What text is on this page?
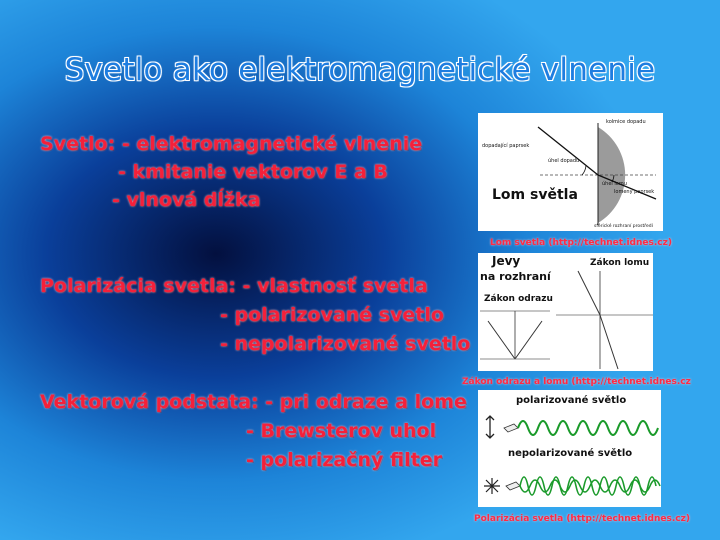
Svetlo ako elektromagnetické vlnenie
Svetlo: - elektromagnetické vlnenie
- kmitanie vektorov E a B
- vlnová dĺžka
Polarizácia svetla: - vlastnosť svetla
- polarizované svetlo
- nepolarizované svetlo
Vektorová podstata: - pri odraze a lome
- Brewsterov uhol
- polarizačný filter
kolmice dopadu
dopadající paprsek
úhel dopadu
úhel lomu
lomený paprsek
sférické rozhraní prostředí
Lom světla
Lom svetla (http://technet.idnes.cz)
Jevy
na rozhraní
Zákon lomu
Zákon odrazu
Zákon odrazu a lomu (http://technet.idnes.cz
polarizované světlo
nepolarizované světlo
Polarizácia svetla (http://technet.idnes.cz)
